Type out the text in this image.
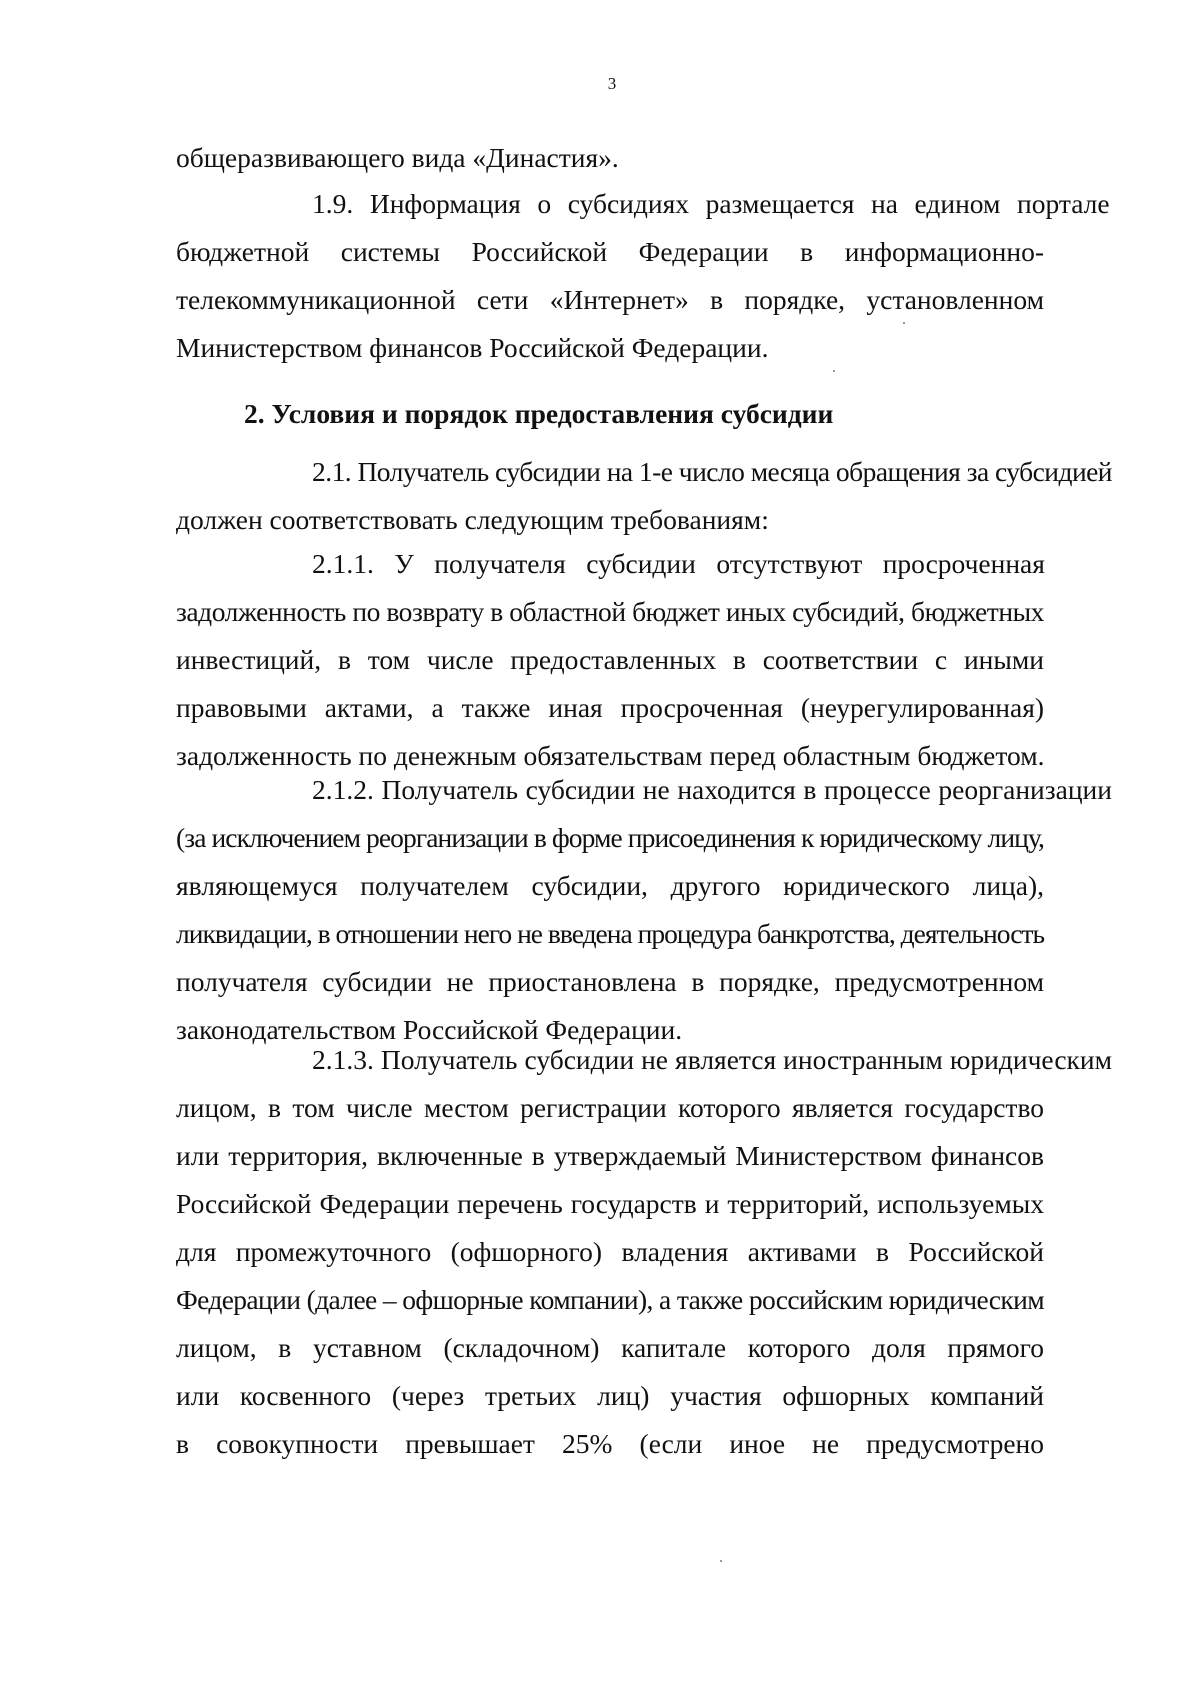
3
общеразвивающего вида «Династия».
1.9. Информация о субсидиях размещается на едином портале
бюджетной системы Российской Федерации в информационно-
телекоммуникационной сети «Интернет» в порядке, установленном
Министерством финансов Российской Федерации.
2. Условия и порядок предоставления субсидии
2.1. Получатель субсидии на 1-е число месяца обращения за субсидией
должен соответствовать следующим требованиям:
2.1.1. У получателя субсидии отсутствуют просроченная
задолженность по возврату в областной бюджет иных субсидий, бюджетных
инвестиций, в том числе предоставленных в соответствии с иными
правовыми актами, а также иная просроченная (неурегулированная)
задолженность по денежным обязательствам перед областным бюджетом.
2.1.2. Получатель субсидии не находится в процессе реорганизации
(за исключением реорганизации в форме присоединения к юридическому лицу,
являющемуся получателем субсидии, другого юридического лица),
ликвидации, в отношении него не введена процедура банкротства, деятельность
получателя субсидии не приостановлена в порядке, предусмотренном
законодательством Российской Федерации.
2.1.3. Получатель субсидии не является иностранным юридическим
лицом, в том числе местом регистрации которого является государство
или территория, включенные в утверждаемый Министерством финансов
Российской Федерации перечень государств и территорий, используемых
для промежуточного (офшорного) владения активами в Российской
Федерации (далее – офшорные компании), а также российским юридическим
лицом, в уставном (складочном) капитале которого доля прямого
или косвенного (через третьих лиц) участия офшорных компаний
в совокупности превышает 25% (если иное не предусмотрено
